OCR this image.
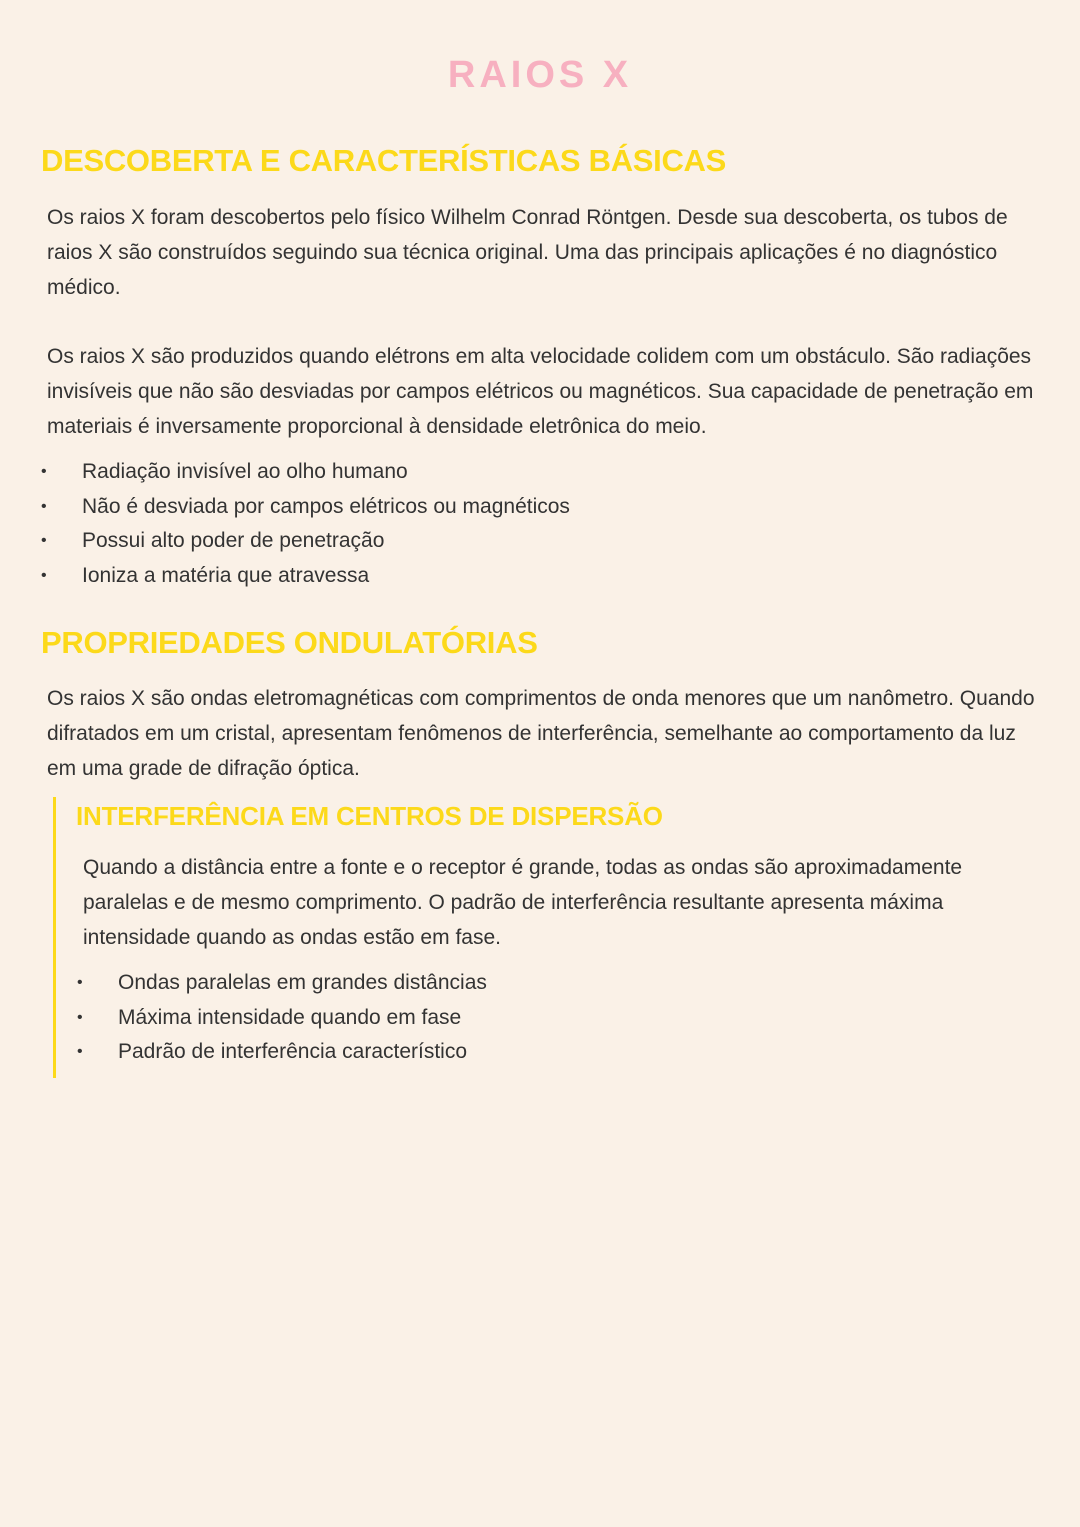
RAIOS X
DESCOBERTA E CARACTERÍSTICAS BÁSICAS

Os raios X foram descobertos pelo físico Wilhelm Conrad Röntgen. Desde sua descoberta, os tubos de raios X são construídos seguindo sua técnica original. Uma das principais aplicações é no diagnóstico médico.

Os raios X são produzidos quando elétrons em alta velocidade colidem com um obstáculo. São radiações invisíveis que não são desviadas por campos elétricos ou magnéticos. Sua capacidade de penetração em materiais é inversamente proporcional à densidade eletrônica do meio.

• Radiação invisível ao olho humano
• Não é desviada por campos elétricos ou magnéticos
• Possui alto poder de penetração
• Ioniza a matéria que atravessa
PROPRIEDADES ONDULATÓRIAS

Os raios X são ondas eletromagnéticas com comprimentos de onda menores que um nanômetro. Quando difratados em um cristal, apresentam fenômenos de interferência, semelhante ao comportamento da luz em uma grade de difração óptica.

INTERFERÊNCIA EM CENTROS DE DISPERSÃO

Quando a distância entre a fonte e o receptor é grande, todas as ondas são aproximadamente paralelas e de mesmo comprimento. O padrão de interferência resultante apresenta máxima intensidade quando as ondas estão em fase.

• Ondas paralelas em grandes distâncias
• Máxima intensidade quando em fase
• Padrão de interferência característico
